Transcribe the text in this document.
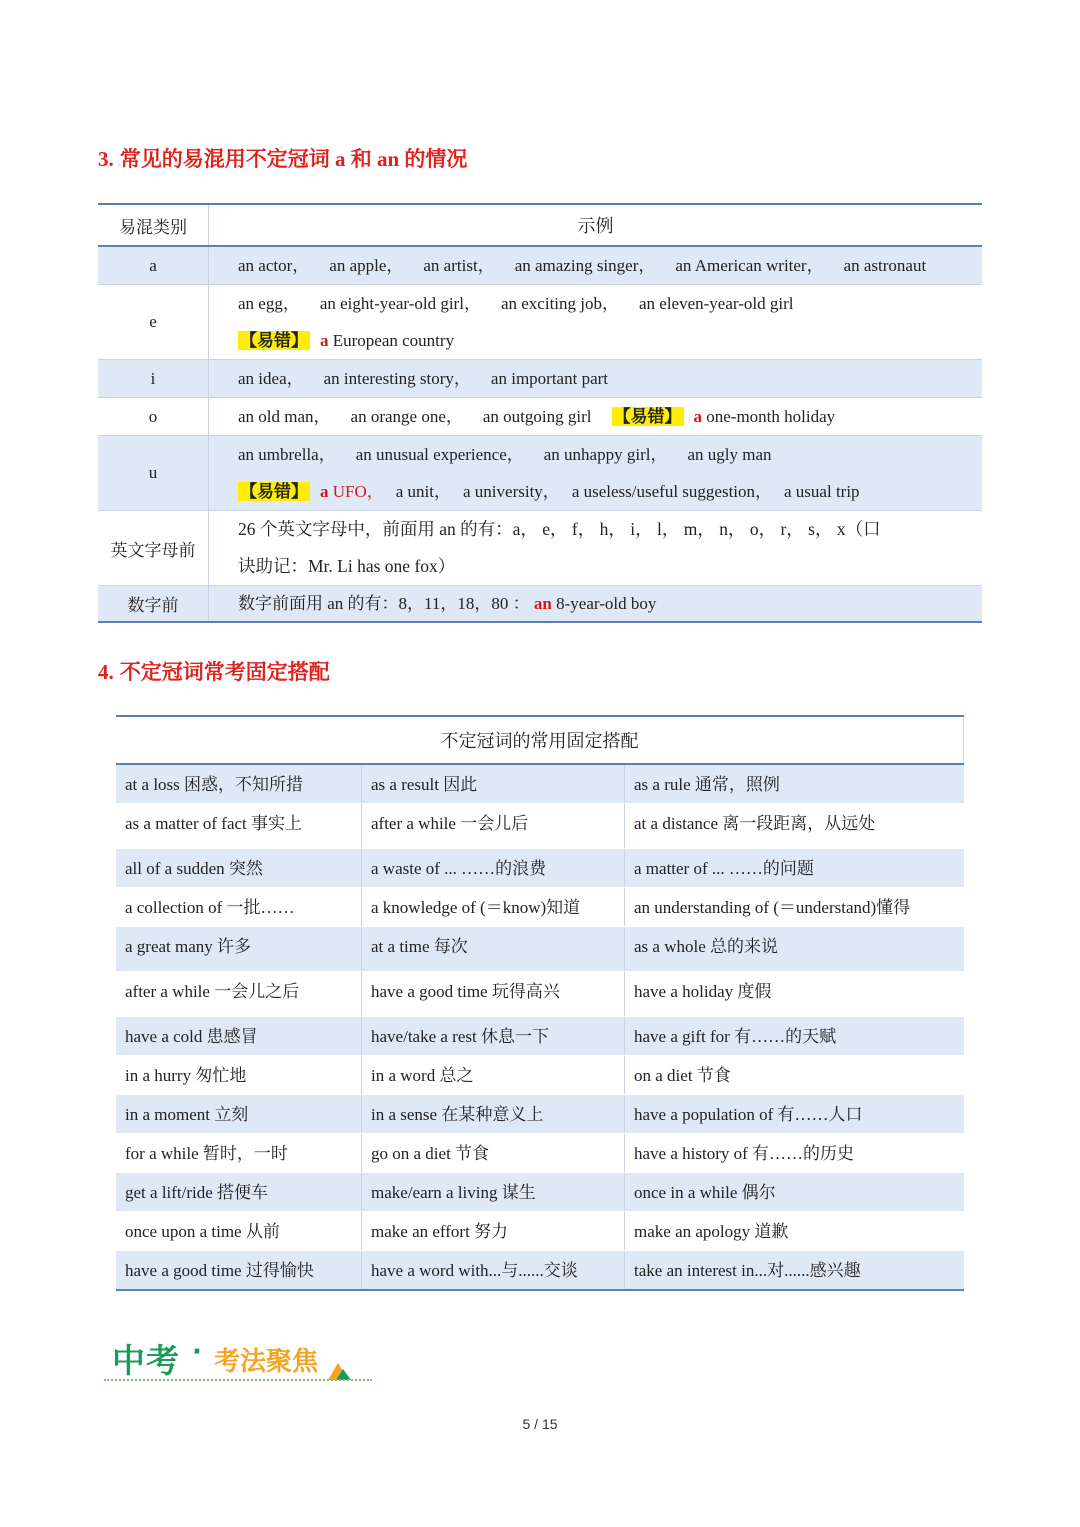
3. 常见的易混用不定冠词 a 和 an 的情况
易混类别	示例
a	an actor， an apple， an artist， an amazing singer， an American writer， an astronaut

e	an egg， an eight-year-old girl， an exciting job， an eleven-year-old girl
【易错】 a European country

i	an idea， an interesting story， an important part

o	an old man， an orange one， an outgoing girl 【易错】 a one-month holiday

u	an umbrella， an unusual experience， an unhappy girl， an ugly man
【易错】 a UFO， a unit， a university， a useless/useful suggestion， a usual trip

英文字母前	26 个英文字母中，前面用 an 的有：a， e， f， h， i， l， m， n， o， r， s， x（口
诀助记：Mr. Li has one fox）

数字前	数字前面用 an 的有：8，11，18，80 ： an 8-year-old boy
4. 不定冠词常考固定搭配
不定冠词的常用固定搭配		
at a loss 困惑，不知所措	as a result 因此	as a rule 通常，照例
as a matter of fact 事实上	after a while 一会儿后	at a distance 离一段距离，从远处
all of a sudden 突然	a waste of ... ……的浪费	a matter of ... ……的问题
a collection of 一批……	a knowledge of (＝know)知道	an understanding of (＝understand)懂得
a great many 许多	at a time 每次	as a whole 总的来说
after a while 一会儿之后	have a good time 玩得高兴	have a holiday 度假
have a cold 患感冒	have/take a rest 休息一下	have a gift for 有……的天赋
in a hurry 匆忙地	in a word 总之	on a diet 节食
in a moment 立刻	in a sense 在某种意义上	have a population of 有……人口
for a while 暂时，一时	go on a diet 节食	have a history of 有……的历史
get a lift/ride 搭便车	make/earn a living 谋生	once in a while 偶尔
once upon a time 从前	make an effort 努力	make an apology 道歉
have a good time 过得愉快	have a word with...与......交谈	take an interest in...对......感兴趣
中考 · 考法聚焦
5 / 15
